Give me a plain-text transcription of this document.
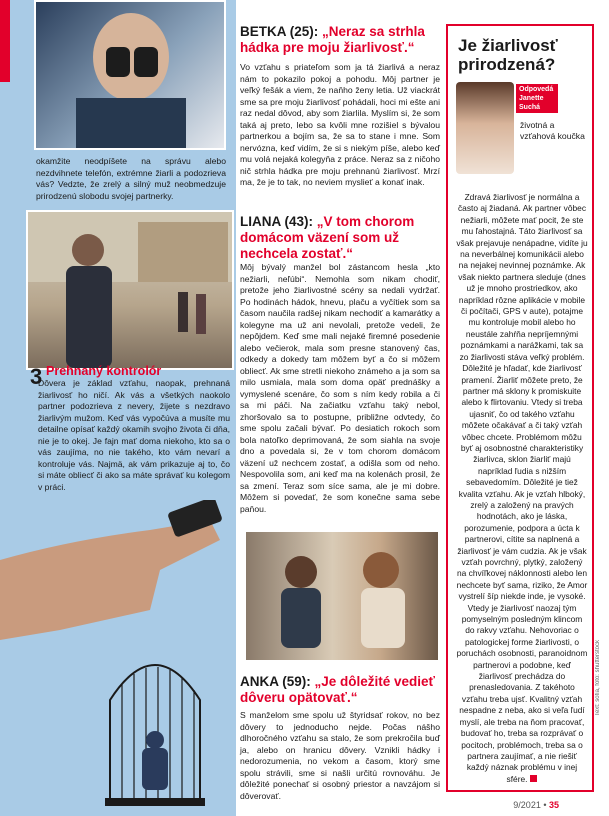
okamžite neodpíšete na správu alebo nezdvihnete telefón, extrémne žiarli a podozrieva vás? Vedzte, že zrelý a silný muž neobmedzuje prirodzenú slobodu svojej partnerky.
3 Prehnaný kontrolór
Dôvera je základ vzťahu, naopak, prehnaná žiarlivosť ho ničí. Ak vás a všetkých naokolo partner podozrieva z nevery, žijete s nezdravo žiarlivým mužom. Keď vás vypočúva a musíte mu detailne opísať každý okamih svojho života či dňa, nie je to okej. Je fajn mať doma niekoho, kto sa o vás zaujíma, no nie takého, kto vám nevarí a kontroluje vás. Najmä, ak vám prikazuje aj to, čo si máte obliecť či ako sa máte správať ku kolegom v práci.
BETKA (25): „Neraz sa strhla hádka pre moju žiarlivosť.“
Vo vzťahu s priateľom som ja tá žiarlivá a neraz nám to pokazilo pokoj a pohodu. Môj partner je veľký fešák a viem, že naňho ženy letia. Už viackrát sme sa pre moju žiarlivosť pohádali, hoci mi ešte ani raz nedal dôvod, aby som žiarlila. Myslím si, že som taká aj preto, lebo sa kvôli mne rozišiel s bývalou partnerkou a bojím sa, že sa to stane i mne. Som nervózna, keď vidím, že si s niekým píše, alebo keď mu volá nejaká kolegyňa z práce. Neraz sa z ničoho nič strhla hádka pre moju prehnanú žiarlivosť. Mrzí ma, že je to tak, no neviem myslieť a konať inak.
LIANA (43): „V tom chorom domácom väzení som už nechcela zostať.“
Môj bývalý manžel bol zástancom hesla „kto nežiarli, neľúbi“. Nemohla som nikam chodiť, pretože jeho žiarlivostné scény sa nedali vydržať. Po hodinách hádok, hnevu, plaču a vyčítiek som sa časom naučila radšej nikam nechodiť a kamarátky a kolegyne ma už ani nevolali, pretože vedeli, že nepôjdem. Keď sme mali nejaké firemné posedenie alebo večierok, mala som presne stanovený čas, odkedy a dokedy tam môžem byť a čo si môžem obliecť. Ak sme stretli niekoho známeho a ja som sa milo usmiala, mala som doma opäť prednášky a vymyslené scenáre, čo som s ním kedy robila a či sa mi páči. Na začiatku vzťahu taký nebol, zhoršovalo sa to postupne, približne odvtedy, čo sme spolu začali bývať. Po desiatich rokoch som bola natoľko deprimovaná, že som siahla na svoje dno a povedala si, že v tom chorom domácom väzení už nechcem zostať, a odišla som od neho. Nespovolila som, ani keď ma na kolenách prosil, že sa zmení. Teraz som síce sama, ale je mi dobre. Môžem si povedať, že som konečne sama sebe paňou.
ANKA (59): „Je dôležité vedieť dôveru opätovať.“
S manželom sme spolu už štyridsať rokov, no bez dôvery to jednoducho nejde. Počas nášho dlhoročného vzťahu sa stalo, že som prekročila buď ja, alebo on hranicu dôvery. Vznikli hádky i nedorozumenia, no vekom a časom, ktorý sme spolu strávili, sme si našli určitú rovnováhu. Je dôležité ponechať si osobný priestor a navzájom si dôverovať.
Je žiarlivosť prirodzená?
Odpovedá Janette Suchá
životná a vzťahová koučka
Zdravá žiarlivosť je normálna a často aj žiadaná. Ak partner vôbec nežiarli, môžete mať pocit, že ste mu ľahostajná. Táto žiarlivosť sa však prejavuje nenápadne, vidíte ju na neverbálnej komunikácii alebo na nejakej nevinnej poznámke. Ak však niekto partnera sleduje (dnes už je mnoho prostriedkov, ako napríklad rôzne aplikácie v mobile či počítači, GPS v aute), potajme mu kontroluje mobil alebo ho neustále zahŕňa nepríjemnými poznámkami a narážkami, tak sa zo žiarlivosti stáva veľký problém. Dôležité je hľadať, kde žiarlivosť pramení. Žiarliť môžete preto, že partner má sklony k promiskuite alebo k flirtovaniu. Vtedy si treba ujasniť, čo od takého vzťahu môžete očakávať a či taký vzťah vôbec chcete. Problémom môžu byť aj osobnostné charakteristiky žiarlivca, sklon žiarliť majú napríklad ľudia s nižším sebavedomím. Dôležité je tiež kvalita vzťahu. Ak je vzťah hlboký, zrelý a založený na pravých hodnotách, ako je láska, porozumenie, podpora a úcta k partnerovi, cítite sa naplnená a žiarlivosť je vám cudzia. Ak je však vzťah povrchný, plytký, založený na chvíľkovej náklonnosti alebo len nechcete byť sama, riziko, že Amor vystrelí šíp niekde inde, je vysoké. Vtedy je žiarlivosť naozaj tým pomyselným posledným klincom do rakvy vzťahu. Nehovoriac o patologickej forme žiarlivosti, o poruchách osobnosti, paranoidnom partnerovi a podobne, keď žiarlivosť prechádza do prenasledovania. Z takéhoto vzťahu treba ujsť. Kvalitný vzťah nespadne z neba, ako si veľa ľudí myslí, ale treba na ňom pracovať, budovať ho, treba sa rozprávať o pocitoch, problémoch, treba sa o partnera zaujímať, a nie riešiť každý náznak problému v inej sfére.
Text: sofia, foto: shutterstock
9/2021 • 35
